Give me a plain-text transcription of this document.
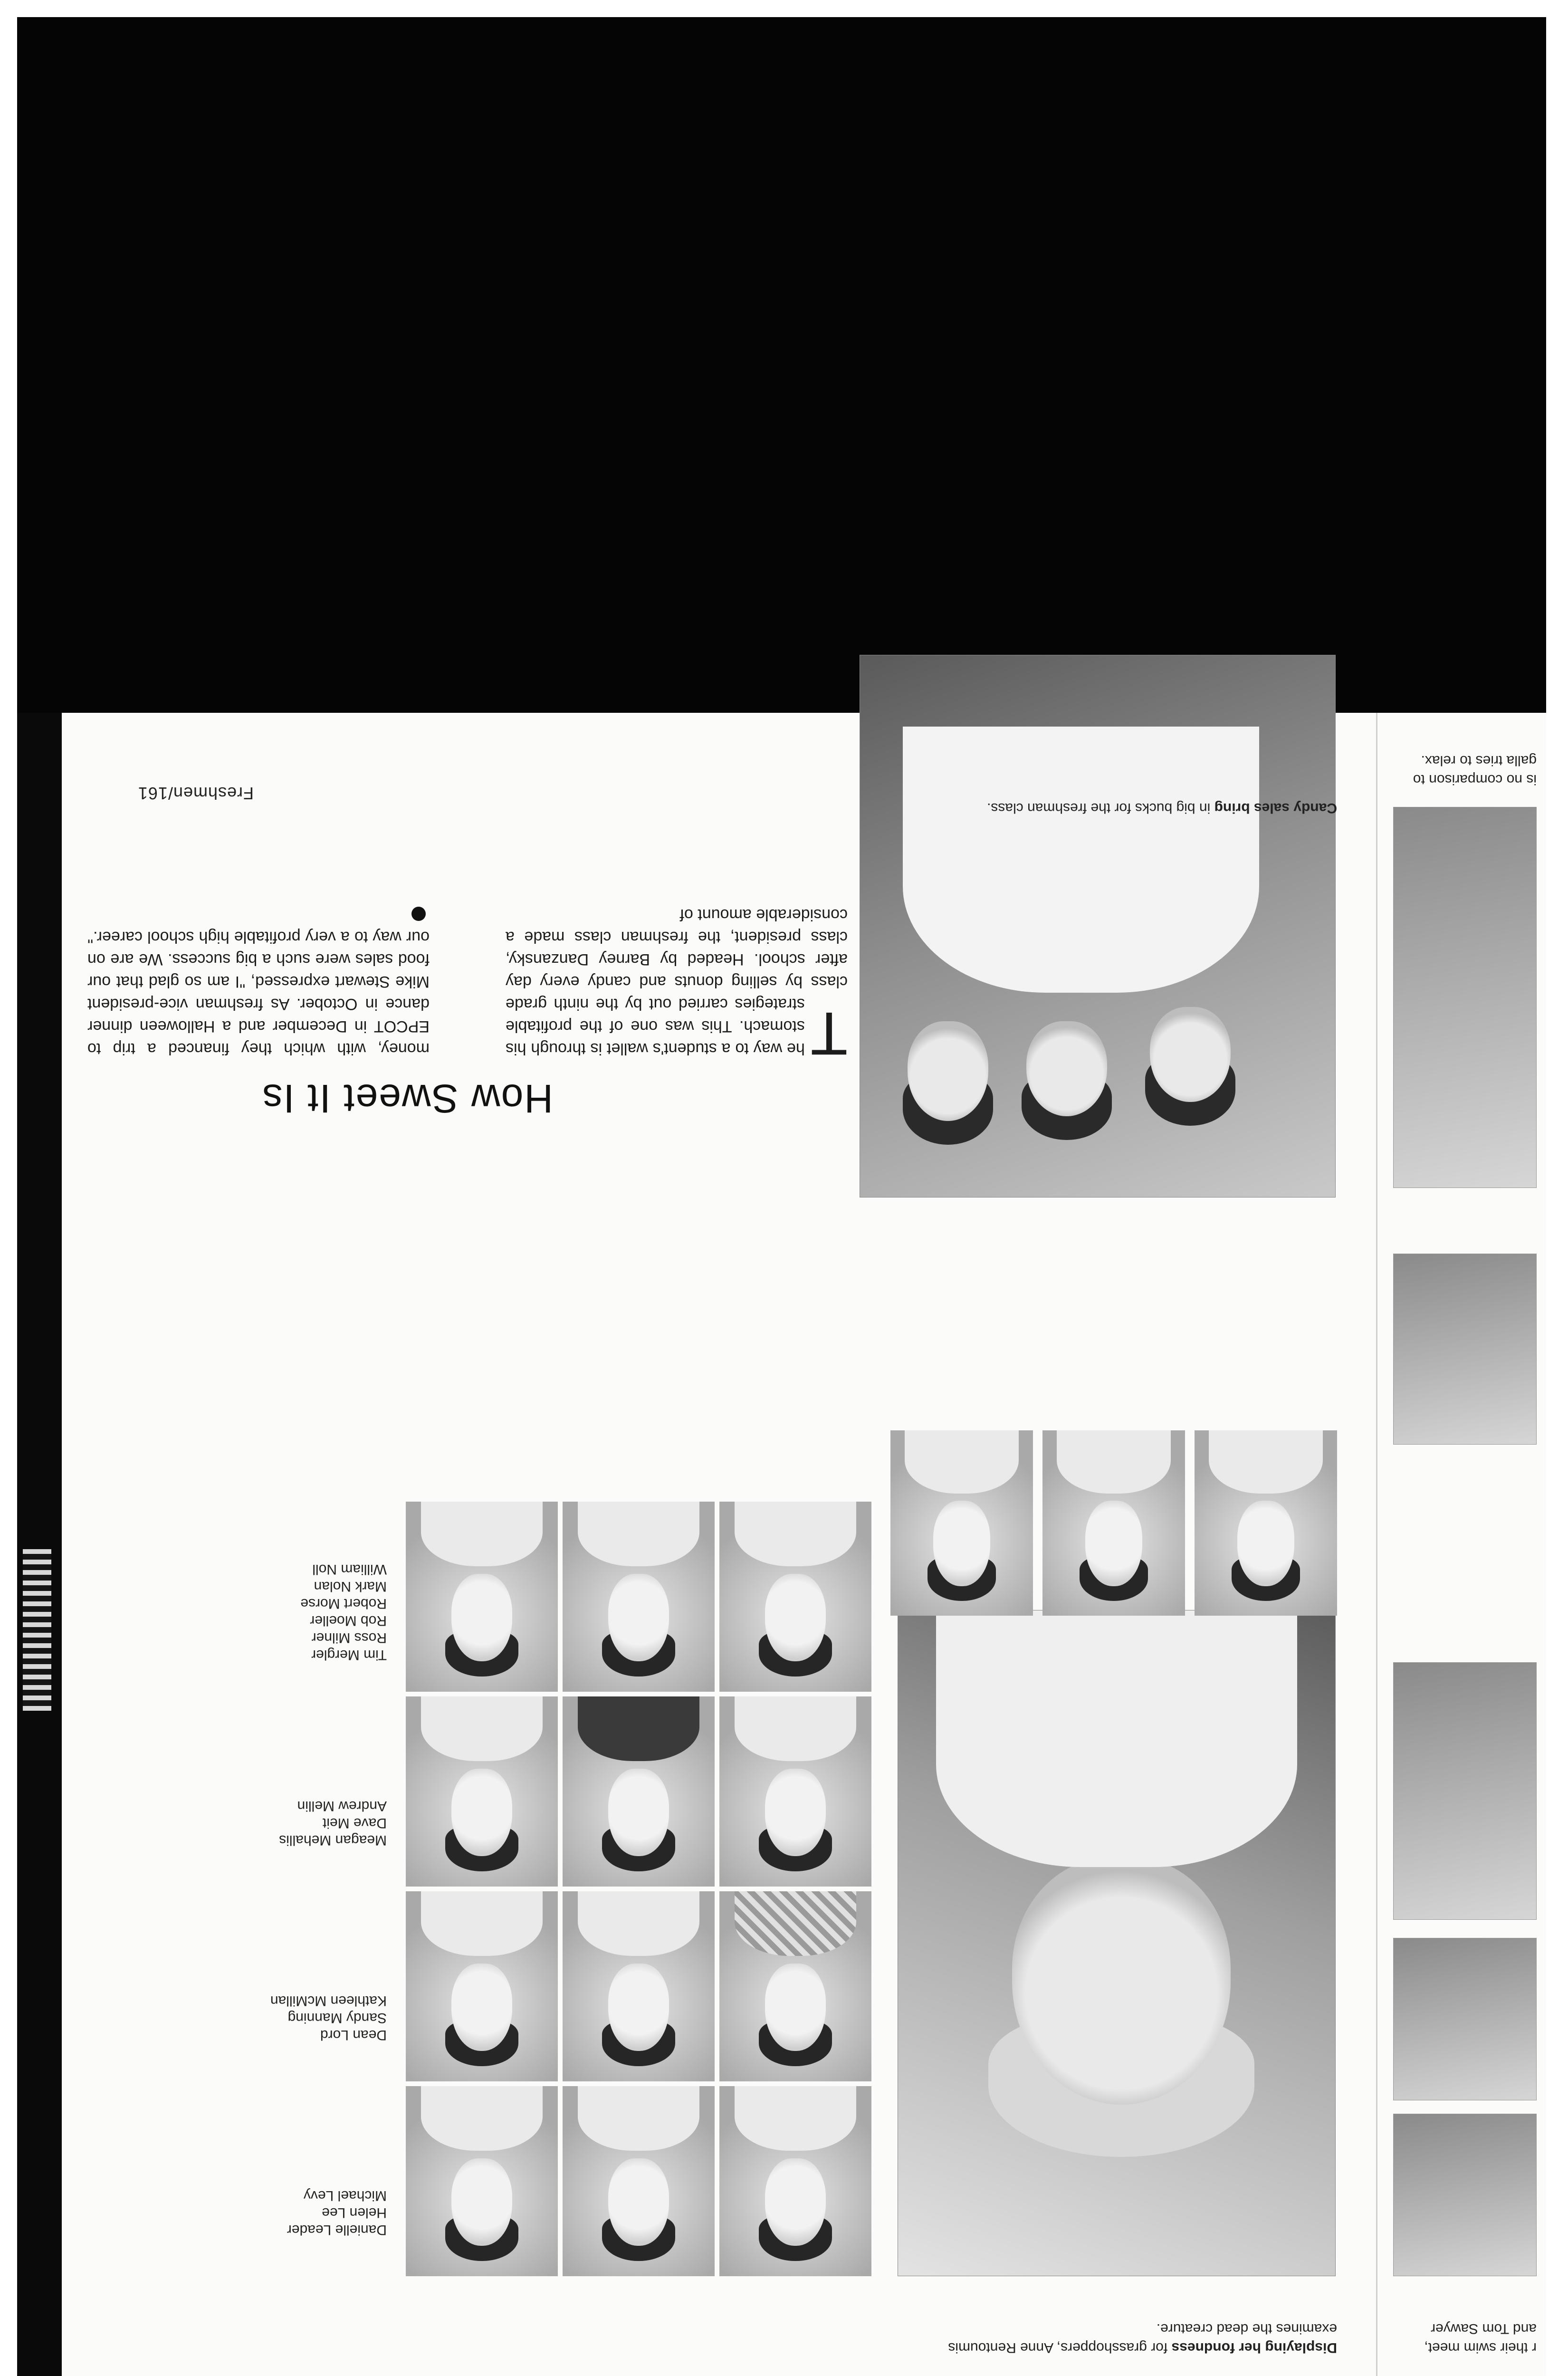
Freshmen/161
How Sweet It Is
T
he way to a student's wallet is through his stomach. This was one of the profitable strategies carried out by the ninth grade class by selling donuts and candy every day after school. Headed by Barney Danzansky, class president, the freshman class made a considerable amount of
money, with which they financed a trip to EPCOT in December and a Halloween dinner dance in October. As freshman vice-president Mike Stewart expressed, "I am so glad that our food sales were such a big success. We are on our way to a very profitable high school career."
Candy sales bring in big bucks for the freshman class.
Displaying her fondness for grasshoppers, Anne Rentoumis examines the dead creature.
Danielle Leader
Helen Lee
Michael Levy
Dean Lord
Sandy Manning
Kathleen McMillan
Meagan Mehallis
Dave Meit
Andrew Mellin
Tim Mergler
Ross Milner
Rob Moeller
Robert Morse
Mark Nolan
William Noll
r their swim meet,
and Tom Sawyer
is no comparison to
galla tries to relax.
